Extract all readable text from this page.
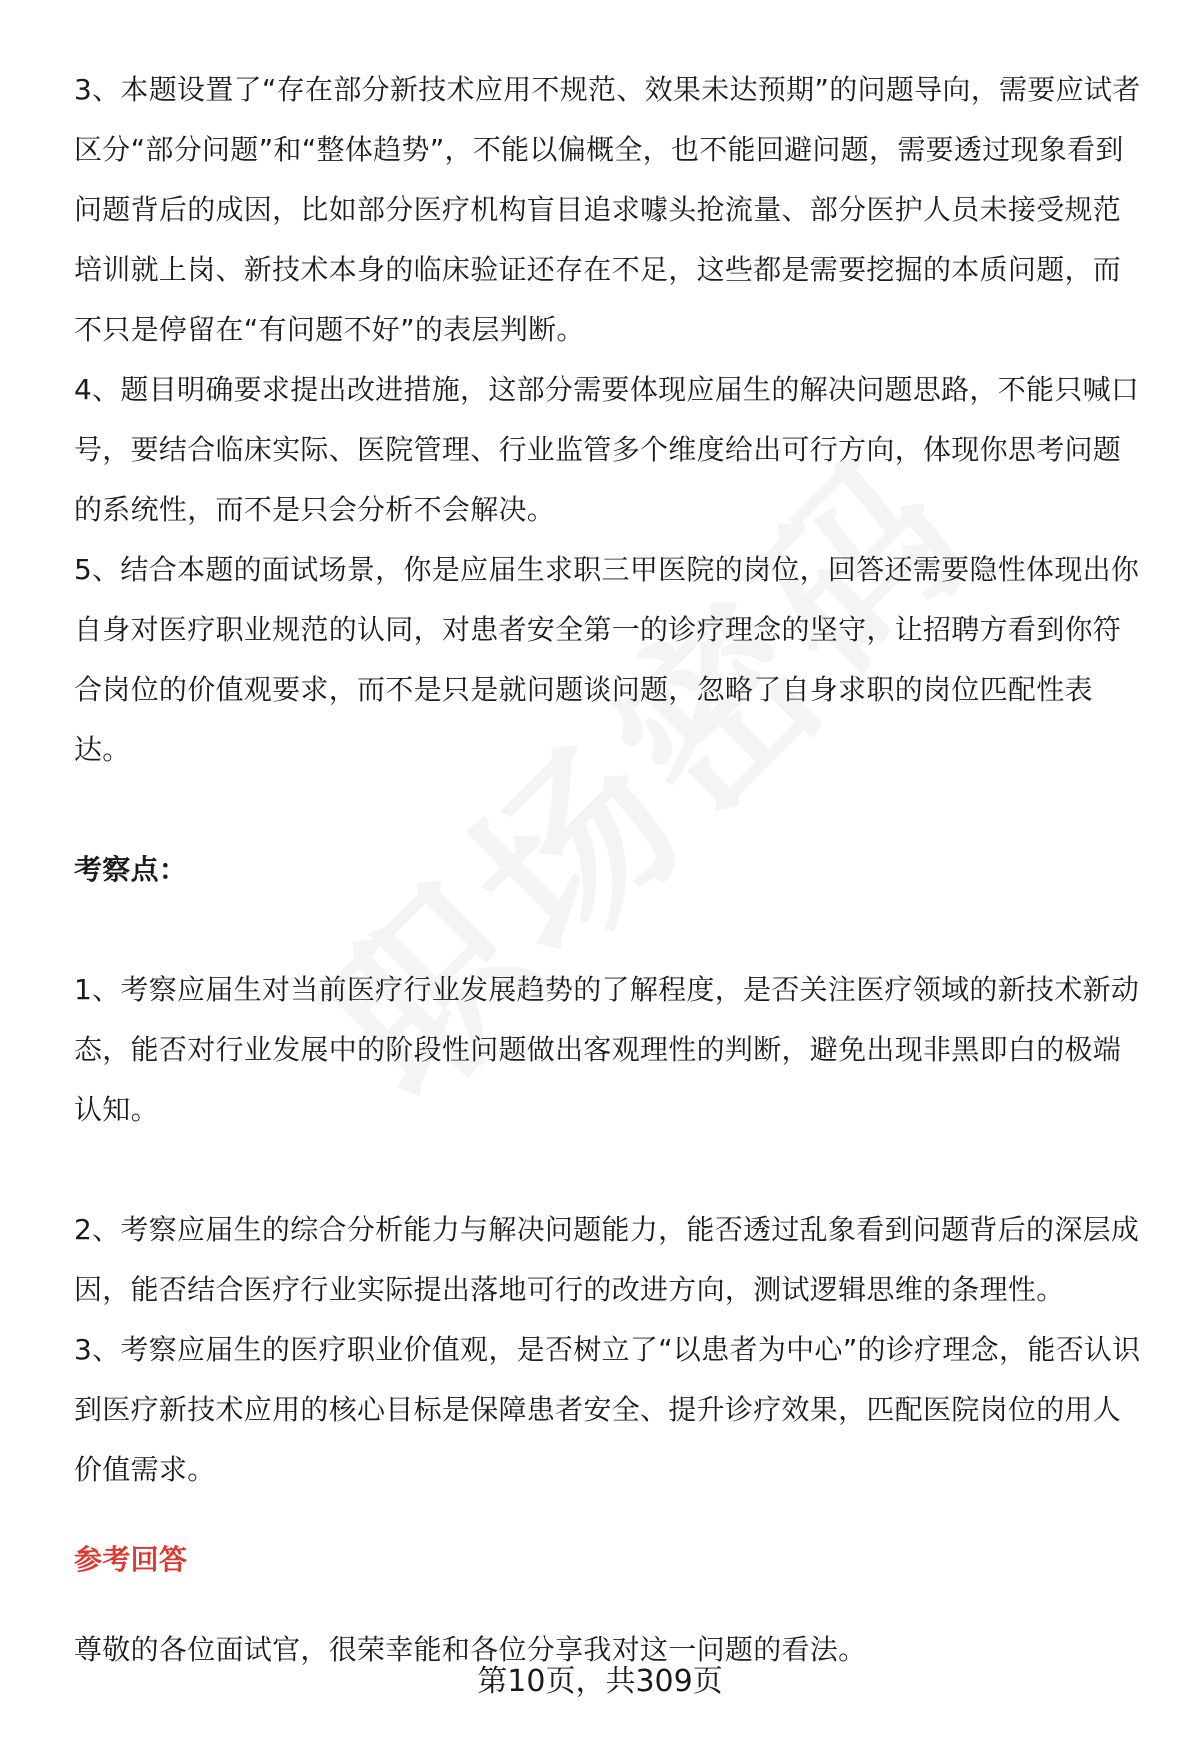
3、本题设置了“存在部分新技术应用不规范、效果未达预期”的问题导向，需要应试者区分“部分问题”和“整体趋势”，不能以偏概全，也不能回避问题，需要透过现象看到问题背后的成因，比如部分医疗机构盲目追求噱头抢流量、部分医护人员未接受规范培训就上岗、新技术本身的临床验证还存在不足，这些都是需要挖掘的本质问题，而不只是停留在“有问题不好”的表层判断。

4、题目明确要求提出改进措施，这部分需要体现应届生的解决问题思路，不能只喊口号，要结合临床实际、医院管理、行业监管多个维度给出可行方向，体现你思考问题的系统性，而不是只会分析不会解决。

5、结合本题的面试场景，你是应届生求职三甲医院的岗位，回答还需要隐性体现出你自身对医疗职业规范的认同，对患者安全第一的诊疗理念的坚守，让招聘方看到你符合岗位的价值观要求，而不是只是就问题谈问题，忽略了自身求职的岗位匹配性表达。

考察点：

1、考察应届生对当前医疗行业发展趋势的了解程度，是否关注医疗领域的新技术新动态，能否对行业发展中的阶段性问题做出客观理性的判断，避免出现非黑即白的极端认知。

2、考察应届生的综合分析能力与解决问题能力，能否透过乱象看到问题背后的深层成因，能否结合医疗行业实际提出落地可行的改进方向，测试逻辑思维的条理性。

3、考察应届生的医疗职业价值观，是否树立了“以患者为中心”的诊疗理念，能否认识到医疗新技术应用的核心目标是保障患者安全、提升诊疗效果，匹配医院岗位的用人价值需求。

参考回答

尊敬的各位面试官，很荣幸能和各位分享我对这一问题的看法。

第10页，共309页
